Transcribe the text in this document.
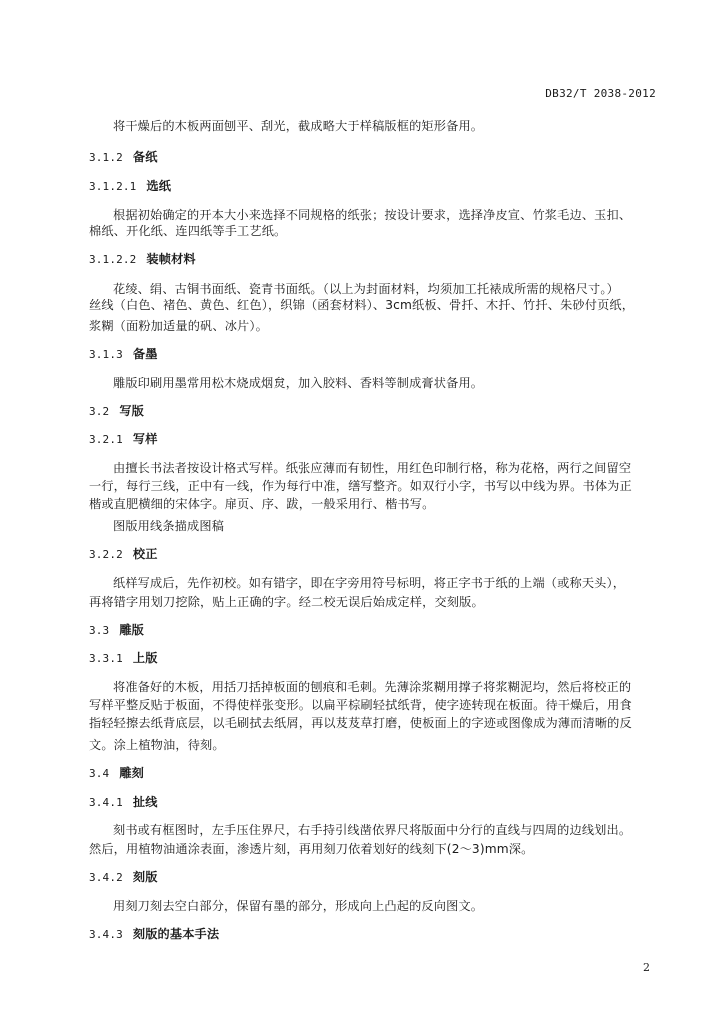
DB32/T 2038-2012
将干燥后的木板两面刨平、刮光，截成略大于样稿版框的矩形备用。
3.1.2 备纸
3.1.2.1 选纸
根据初始确定的开本大小来选择不同规格的纸张；按设计要求，选择净皮宣、竹浆毛边、玉扣、
棉纸、开化纸、连四纸等手工艺纸。
3.1.2.2 装帧材料
花绫、绢、古铜书面纸、瓷青书面纸。（以上为封面材料，均须加工托裱成所需的规格尺寸。）
丝线（白色、褚色、黄色、红色），织锦（函套材料）、3cm纸板、骨扦、木扦、竹扦、朱砂付页纸，
浆糊（面粉加适量的矾、冰片）。
3.1.3 备墨
雕版印刷用墨常用松木烧成烟炱，加入胶料、香料等制成膏状备用。
3.2 写版
3.2.1 写样
由擅长书法者按设计格式写样。纸张应薄而有韧性，用红色印制行格，称为花格，两行之间留空
一行，每行三线，正中有一线，作为每行中准，缮写整齐。如双行小字，书写以中线为界。书体为正
楷或直肥横细的宋体字。扉页、序、跋，一般采用行、楷书写。
图版用线条描成图稿
3.2.2 校正
纸样写成后，先作初校。如有错字，即在字旁用符号标明，将正字书于纸的上端（或称天头），
再将错字用划刀挖除，贴上正确的字。经二校无误后始成定样，交刻版。
3.3 雕版
3.3.1 上版
将准备好的木板，用括刀括掉板面的刨痕和毛刺。先薄涂浆糊用撑子将浆糊泥均，然后将校正的
写样平整反贴于板面，不得使样张变形。以扁平棕刷轻拭纸背，使字迹转现在板面。待干燥后，用食
指轻轻擦去纸背底层，以毛刷拭去纸屑，再以芨芨草打磨，使板面上的字迹或图像成为薄而清晰的反
文。涂上植物油，待刻。
3.4 雕刻
3.4.1 扯线
刻书或有框图时，左手压住界尺，右手持引线凿依界尺将版面中分行的直线与四周的边线划出。
然后，用植物油通涂表面，渗透片刻，再用刻刀依着划好的线刻下(2～3)mm深。
3.4.2 刻版
用刻刀刻去空白部分，保留有墨的部分，形成向上凸起的反向图文。
3.4.3 刻版的基本手法
2
